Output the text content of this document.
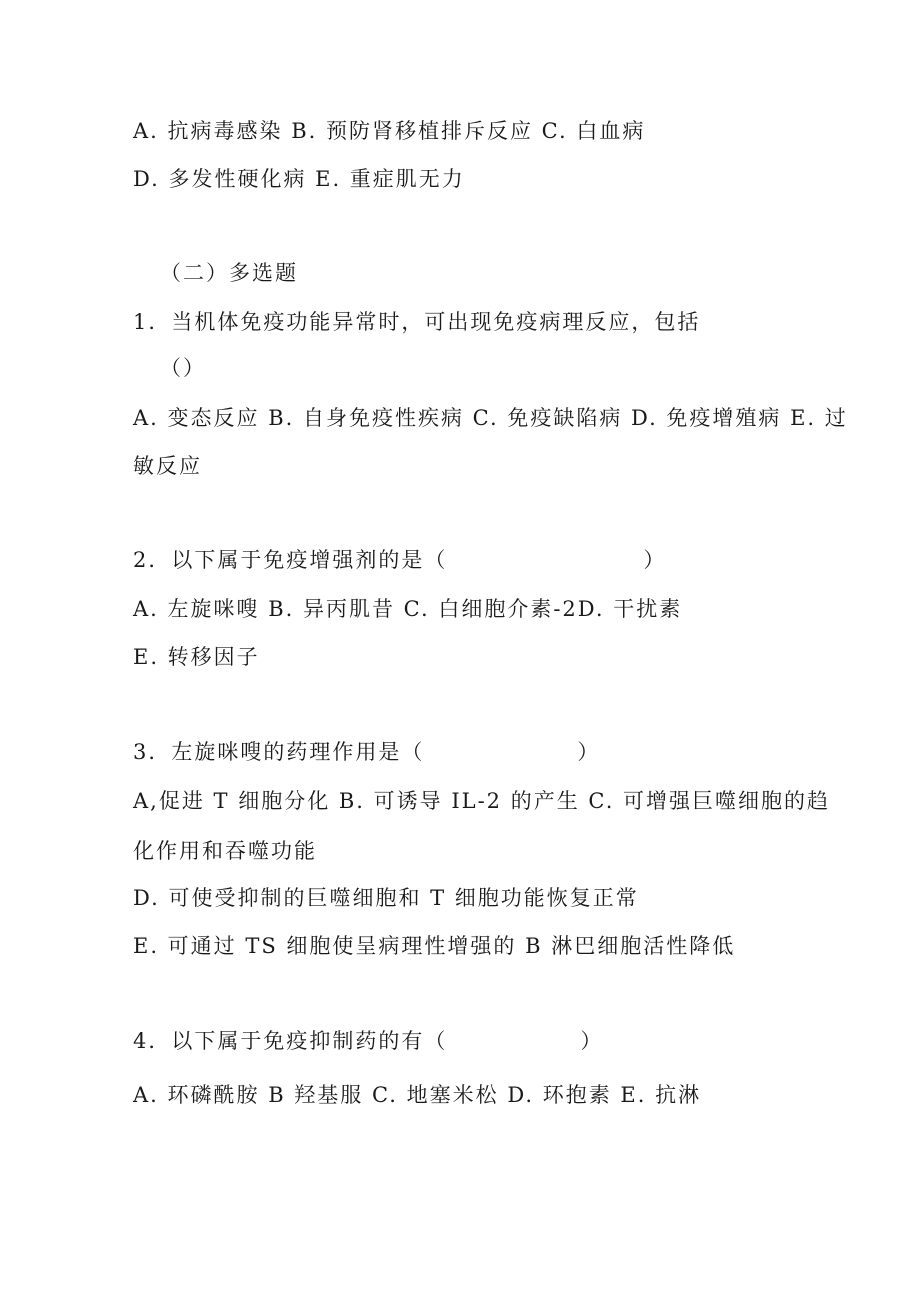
A. 抗病毒感染 B. 预防肾移植排斥反应 C. 白血病

D. 多发性硬化病 E. 重症肌无力

（二）多选题

1．当机体免疫功能异常时，可出现免疫病理反应，包括

（）

A. 变态反应 B. 自身免疫性疾病 C. 免疫缺陷病 D. 免疫增殖病 E. 过

敏反应

2．以下属于免疫增强剂的是（	）

A. 左旋咪嗖 B. 异丙肌昔 C. 白细胞介素-2D. 干扰素

E. 转移因子

3．左旋咪嗖的药理作用是（	）

A,促进 T 细胞分化 B. 可诱导 IL-2 的产生 C. 可增强巨噬细胞的趋

化作用和吞噬功能

D. 可使受抑制的巨噬细胞和 T 细胞功能恢复正常

E. 可通过 TS 细胞使呈病理性增强的 B 淋巴细胞活性降低

4．以下属于免疫抑制药的有（	）

A. 环磷酰胺 B 羟基服 C. 地塞米松 D. 环抱素 E. 抗淋
